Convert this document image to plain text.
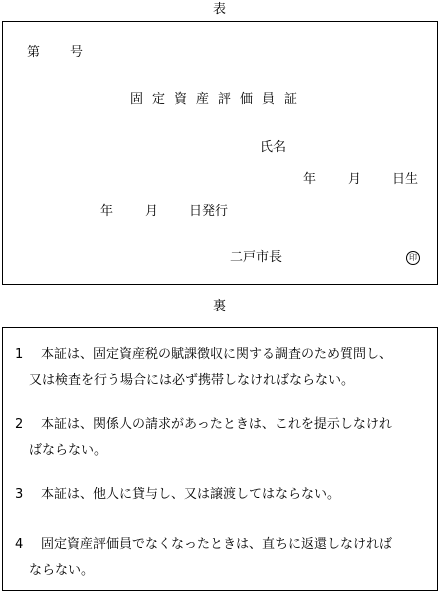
表
第 号
固定資産評価員証
氏名
年 月 日生
年 月 日発行
二戸市長	印
裏
1 本証は、固定資産税の賦課徴収に関する調査のため質問し、
又は検査を行う場合には必ず携帯しなければならない。
2 本証は、関係人の請求があったときは、これを提示しなけれ
ばならない。
3 本証は、他人に貸与し、又は譲渡してはならない。
4 固定資産評価員でなくなったときは、直ちに返還しなければ
ならない。
